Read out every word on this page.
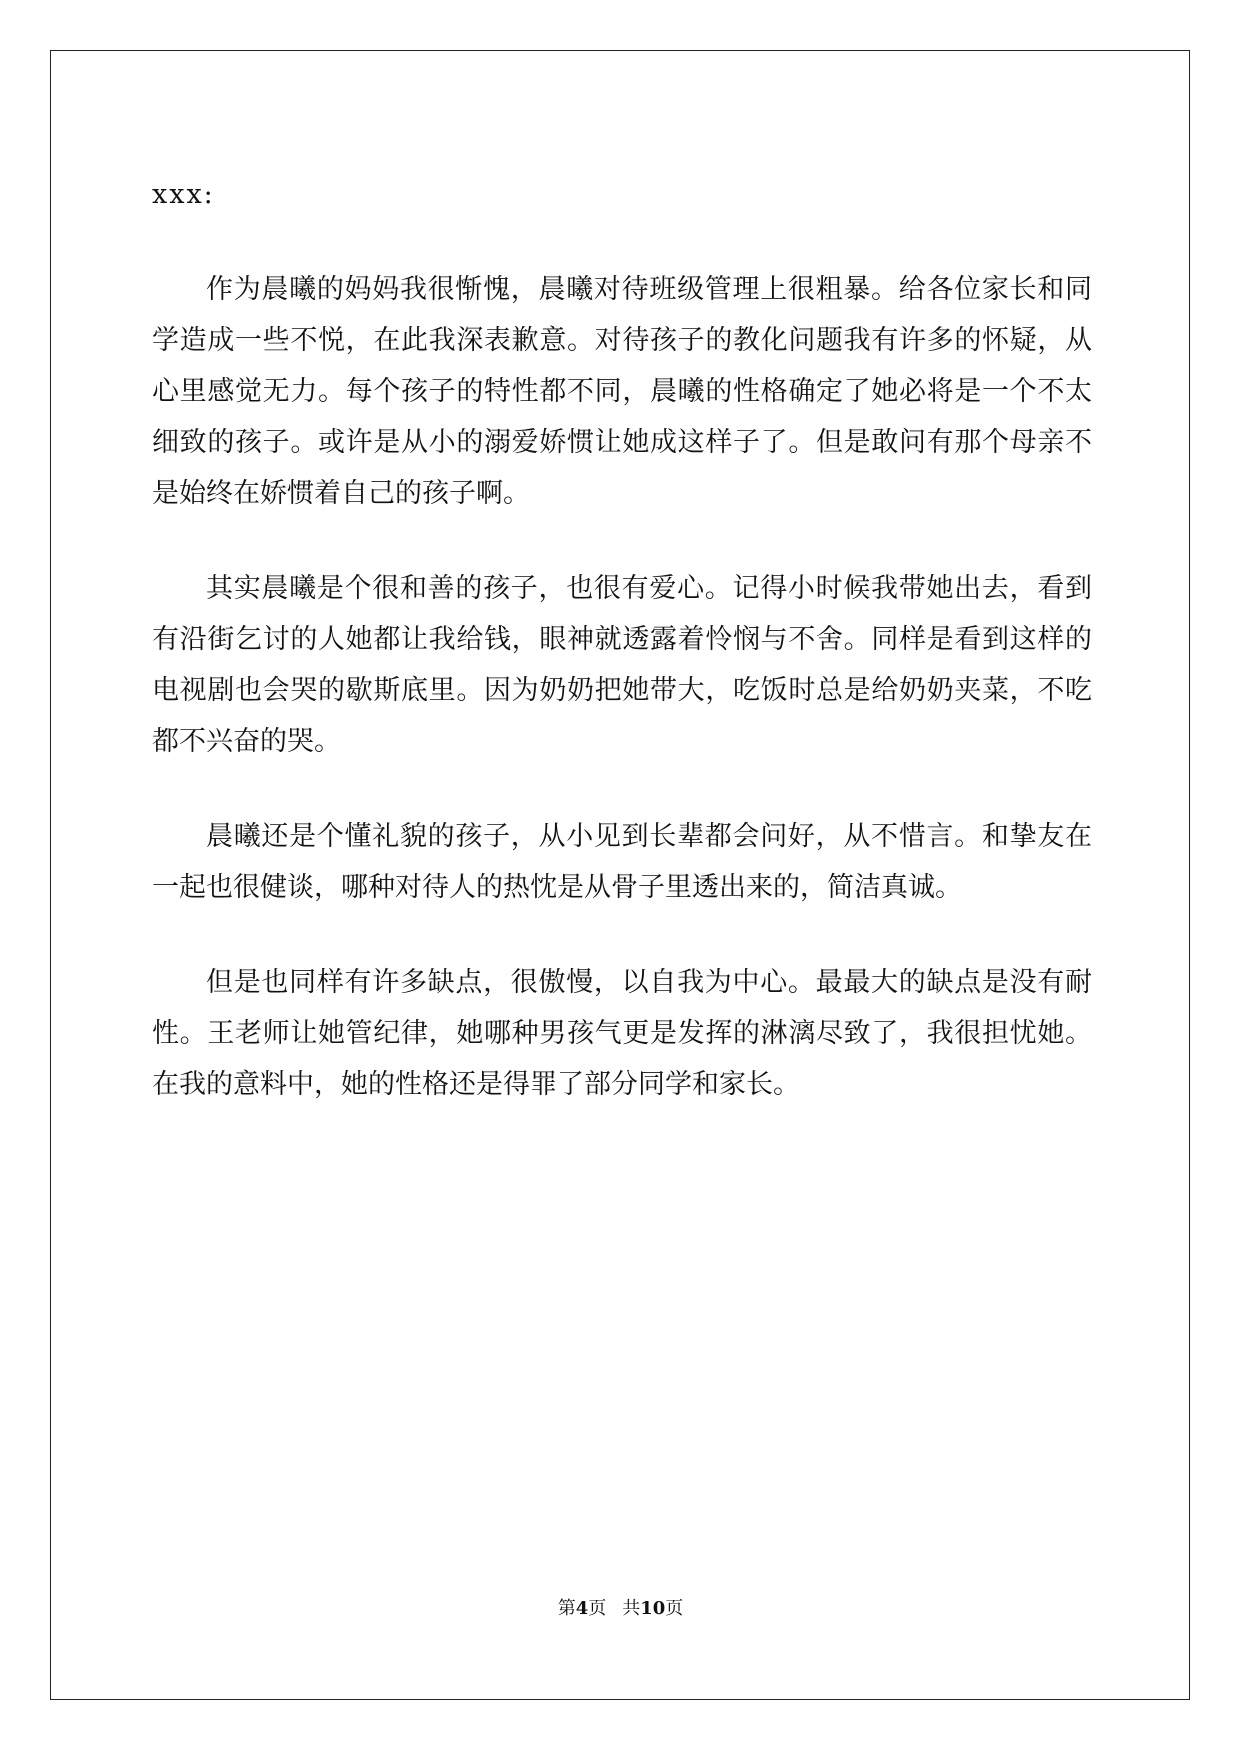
xxx:

作为晨曦的妈妈我很惭愧，晨曦对待班级管理上很粗暴。给各位家长和同学造成一些不悦，在此我深表歉意。对待孩子的教化问题我有许多的怀疑，从心里感觉无力。每个孩子的特性都不同，晨曦的性格确定了她必将是一个不太细致的孩子。或许是从小的溺爱娇惯让她成这样子了。但是敢问有那个母亲不是始终在娇惯着自己的孩子啊。

其实晨曦是个很和善的孩子，也很有爱心。记得小时候我带她出去，看到有沿街乞讨的人她都让我给钱，眼神就透露着怜悯与不舍。同样是看到这样的电视剧也会哭的歇斯底里。因为奶奶把她带大，吃饭时总是给奶奶夹菜，不吃都不兴奋的哭。

晨曦还是个懂礼貌的孩子，从小见到长辈都会问好，从不惜言。和挚友在一起也很健谈，哪种对待人的热忱是从骨子里透出来的，简洁真诚。

但是也同样有许多缺点，很傲慢，以自我为中心。最最大的缺点是没有耐性。王老师让她管纪律，她哪种男孩气更是发挥的淋漓尽致了，我很担忧她。在我的意料中，她的性格还是得罪了部分同学和家长。

第4页 共10页
